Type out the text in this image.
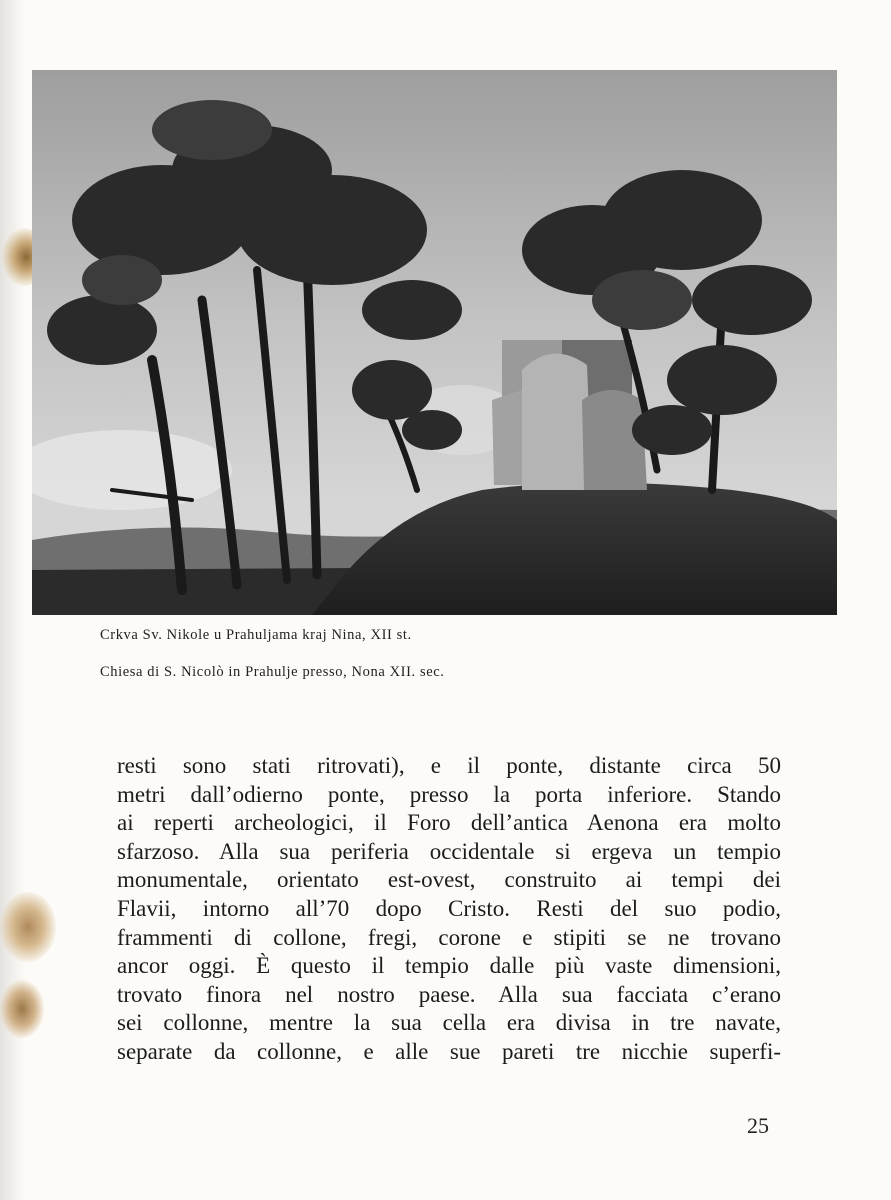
Crkva Sv. Nikole u Prahuljama kraj Nina, XII st.
Chiesa di S. Nicolò in Prahulje presso, Nona XII. sec.
resti sono stati ritrovati), e il ponte, distante circa 50
metri dall’odierno ponte, presso la porta inferiore. Stando
ai reperti archeologici, il Foro dell’antica Aenona era molto
sfarzoso. Alla sua periferia occidentale si ergeva un tempio
monumentale, orientato est-ovest, construito ai tempi dei
Flavii, intorno all’70 dopo Cristo. Resti del suo podio,
frammenti di collone, fregi, corone e stipiti se ne trovano
ancor oggi. È questo il tempio dalle più vaste dimensioni,
trovato finora nel nostro paese. Alla sua facciata c’erano
sei collonne, mentre la sua cella era divisa in tre navate,
separate da collonne, e alle sue pareti tre nicchie superfi-
25
